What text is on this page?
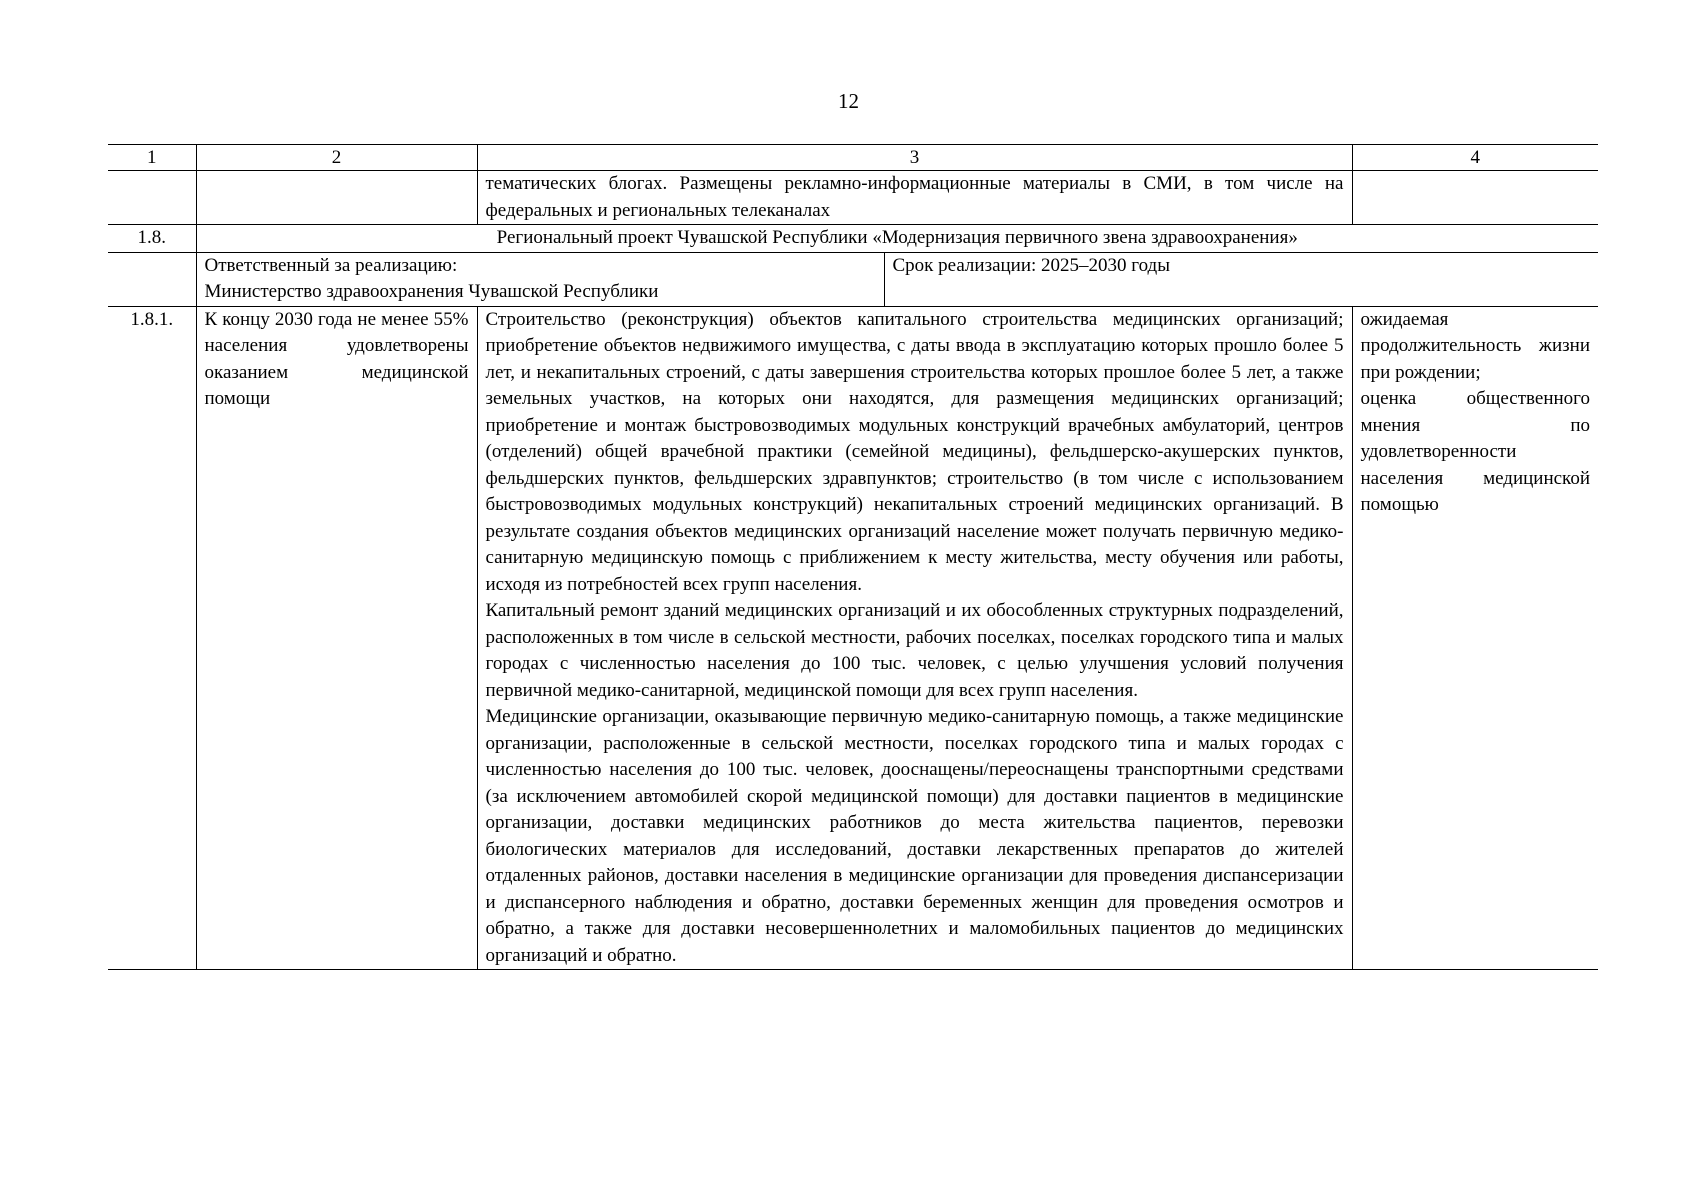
12
1	2	3		4
		тематических блогах. Размещены рекламно-информационные материалы в СМИ, в том числе на федеральных и региональных телеканалах		
1.8.	Региональный проект Чувашской Республики «Модернизация первичного звена здравоохранения»			

	Ответственный за реализацию:
Министерство здравоохранения Чувашской Республики		Срок реализации: 2025–2030 годы	

1.8.1.	К концу 2030 года не менее 55% населения удовлетворены оказанием медицинской помощи	Строительство (реконструкция) объектов капитального строительства медицинских организаций; приобретение объектов недвижимого имущества, с даты ввода в эксплуатацию которых прошло более 5 лет, и некапитальных строений, с даты завершения строительства которых прошлое более 5 лет, а также земельных участков, на которых они находятся, для размещения медицинских организаций; приобретение и монтаж быстровозводимых модульных конструкций врачебных амбулаторий, центров (отделений) общей врачебной практики (семейной медицины), фельдшерско-акушерских пунктов, фельдшерских пунктов, фельдшерских здравпунктов; строительство (в том числе с использованием быстровозводимых модульных конструкций) некапитальных строений медицинских организаций. В результате создания объектов медицинских организаций население может получать первичную медико-санитарную медицинскую помощь с приближением к месту жительства, месту обучения или работы, исходя из потребностей всех групп населения.
Капитальный ремонт зданий медицинских организаций и их обособленных структурных подразделений, расположенных в том числе в сельской местности, рабочих поселках, поселках городского типа и малых городах с численностью населения до 100 тыс. человек, с целью улучшения условий получения первичной медико-санитарной, медицинской помощи для всех групп населения.
Медицинские организации, оказывающие первичную медико-санитарную помощь, а также медицинские организации, расположенные в сельской местности, поселках городского типа и малых городах с численностью населения до 100 тыс. человек, дооснащены/переоснащены транспортными средствами (за исключением автомобилей скорой медицинской помощи) для доставки пациентов в медицинские организации, доставки медицинских работников до места жительства пациентов, перевозки биологических материалов для исследований, доставки лекарственных препаратов до жителей отдаленных районов, доставки населения в медицинские организации для проведения диспансеризации и диспансерного наблюдения и обратно, доставки беременных женщин для проведения осмотров и обратно, а также для доставки несовершеннолетних и маломобильных пациентов до медицинских организаций и обратно.		ожидаемая продолжительность жизни при рождении;
оценка общественного мнения по удовлетворенности населения медицинской помощью
